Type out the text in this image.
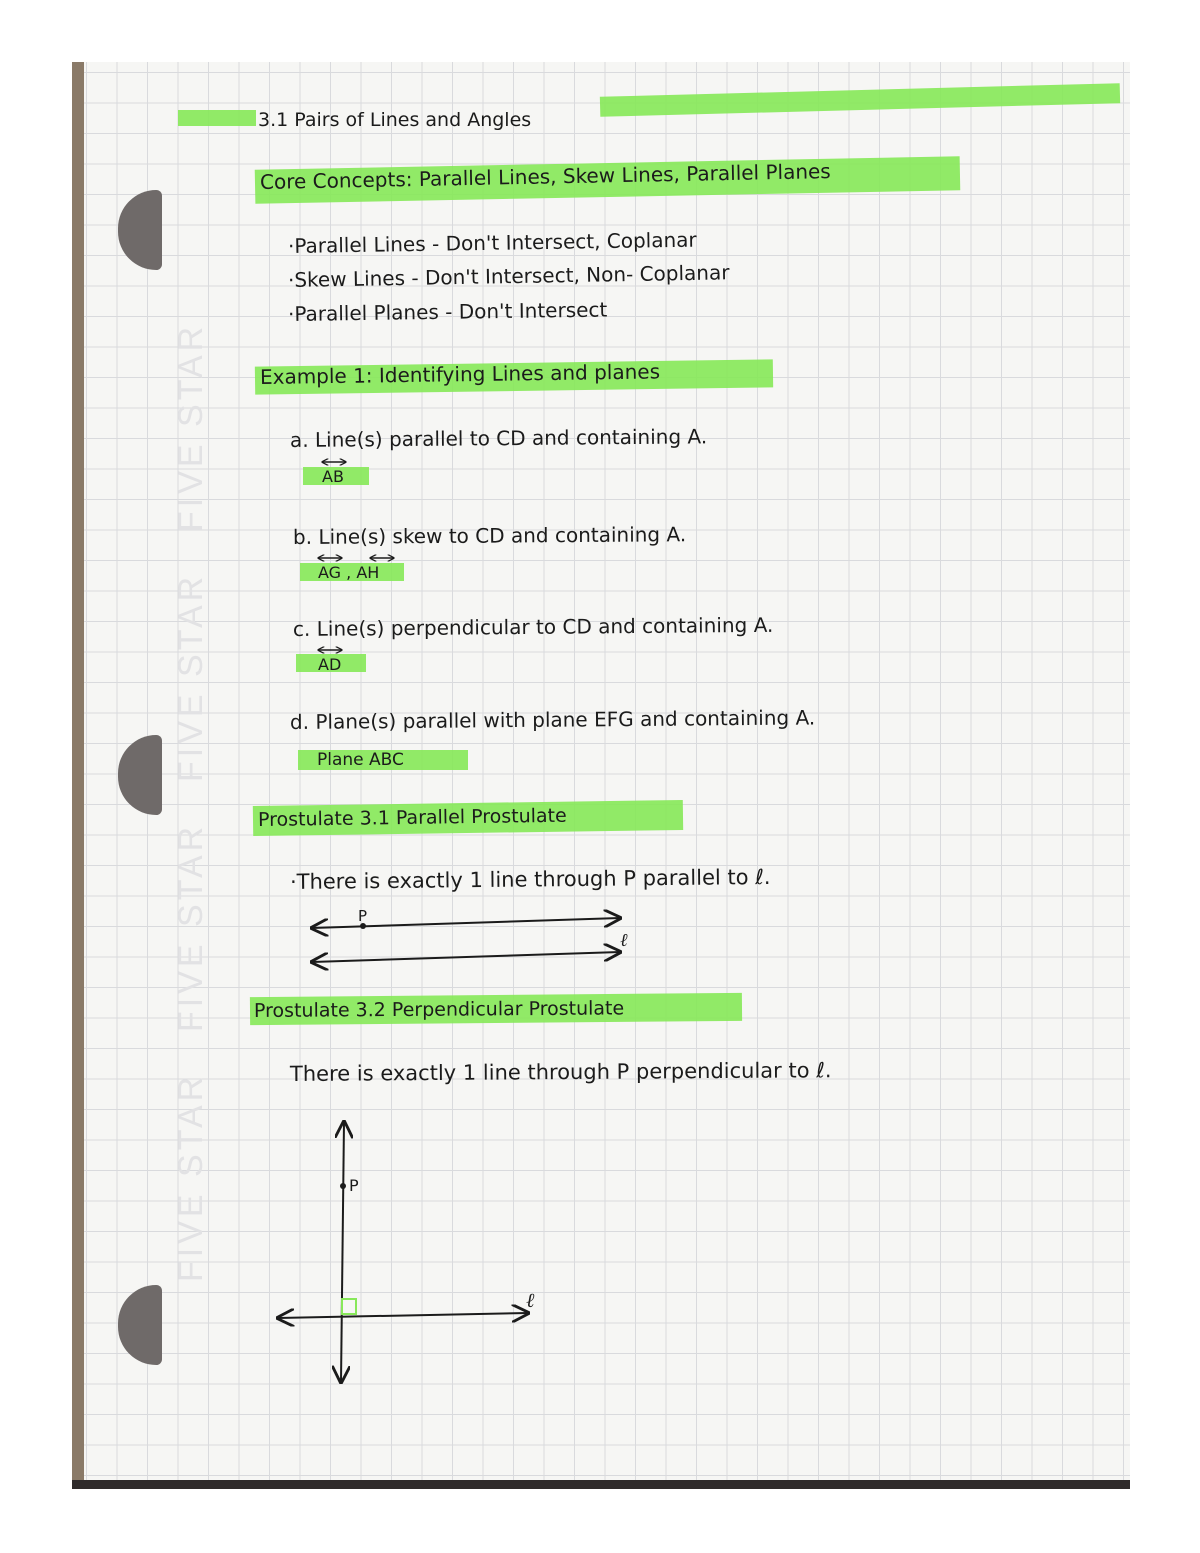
FIVE STAR
FIVE STAR
FIVE STAR
FIVE STAR

3.1 Pairs of Lines and Angles
Core Concepts: Parallel Lines, Skew Lines, Parallel Planes
·Parallel Lines - Don't Intersect, Coplanar
·Skew Lines - Don't Intersect, Non- Coplanar
·Parallel Planes - Don't Intersect
Example 1: Identifying Lines and planes
a. Line(s) parallel to CD and containing A.
AB
b. Line(s) skew to CD and containing A.
AG , AH
c. Line(s) perpendicular to CD and containing A.
AD
d. Plane(s) parallel with plane EFG and containing A.
Plane ABC
Prostulate 3.1 Parallel Prostulate
·There is exactly 1 line through P parallel to ℓ.
Prostulate 3.2 Perpendicular Prostulate
There is exactly 1 line through P perpendicular to ℓ.
P
ℓ
P
ℓ
